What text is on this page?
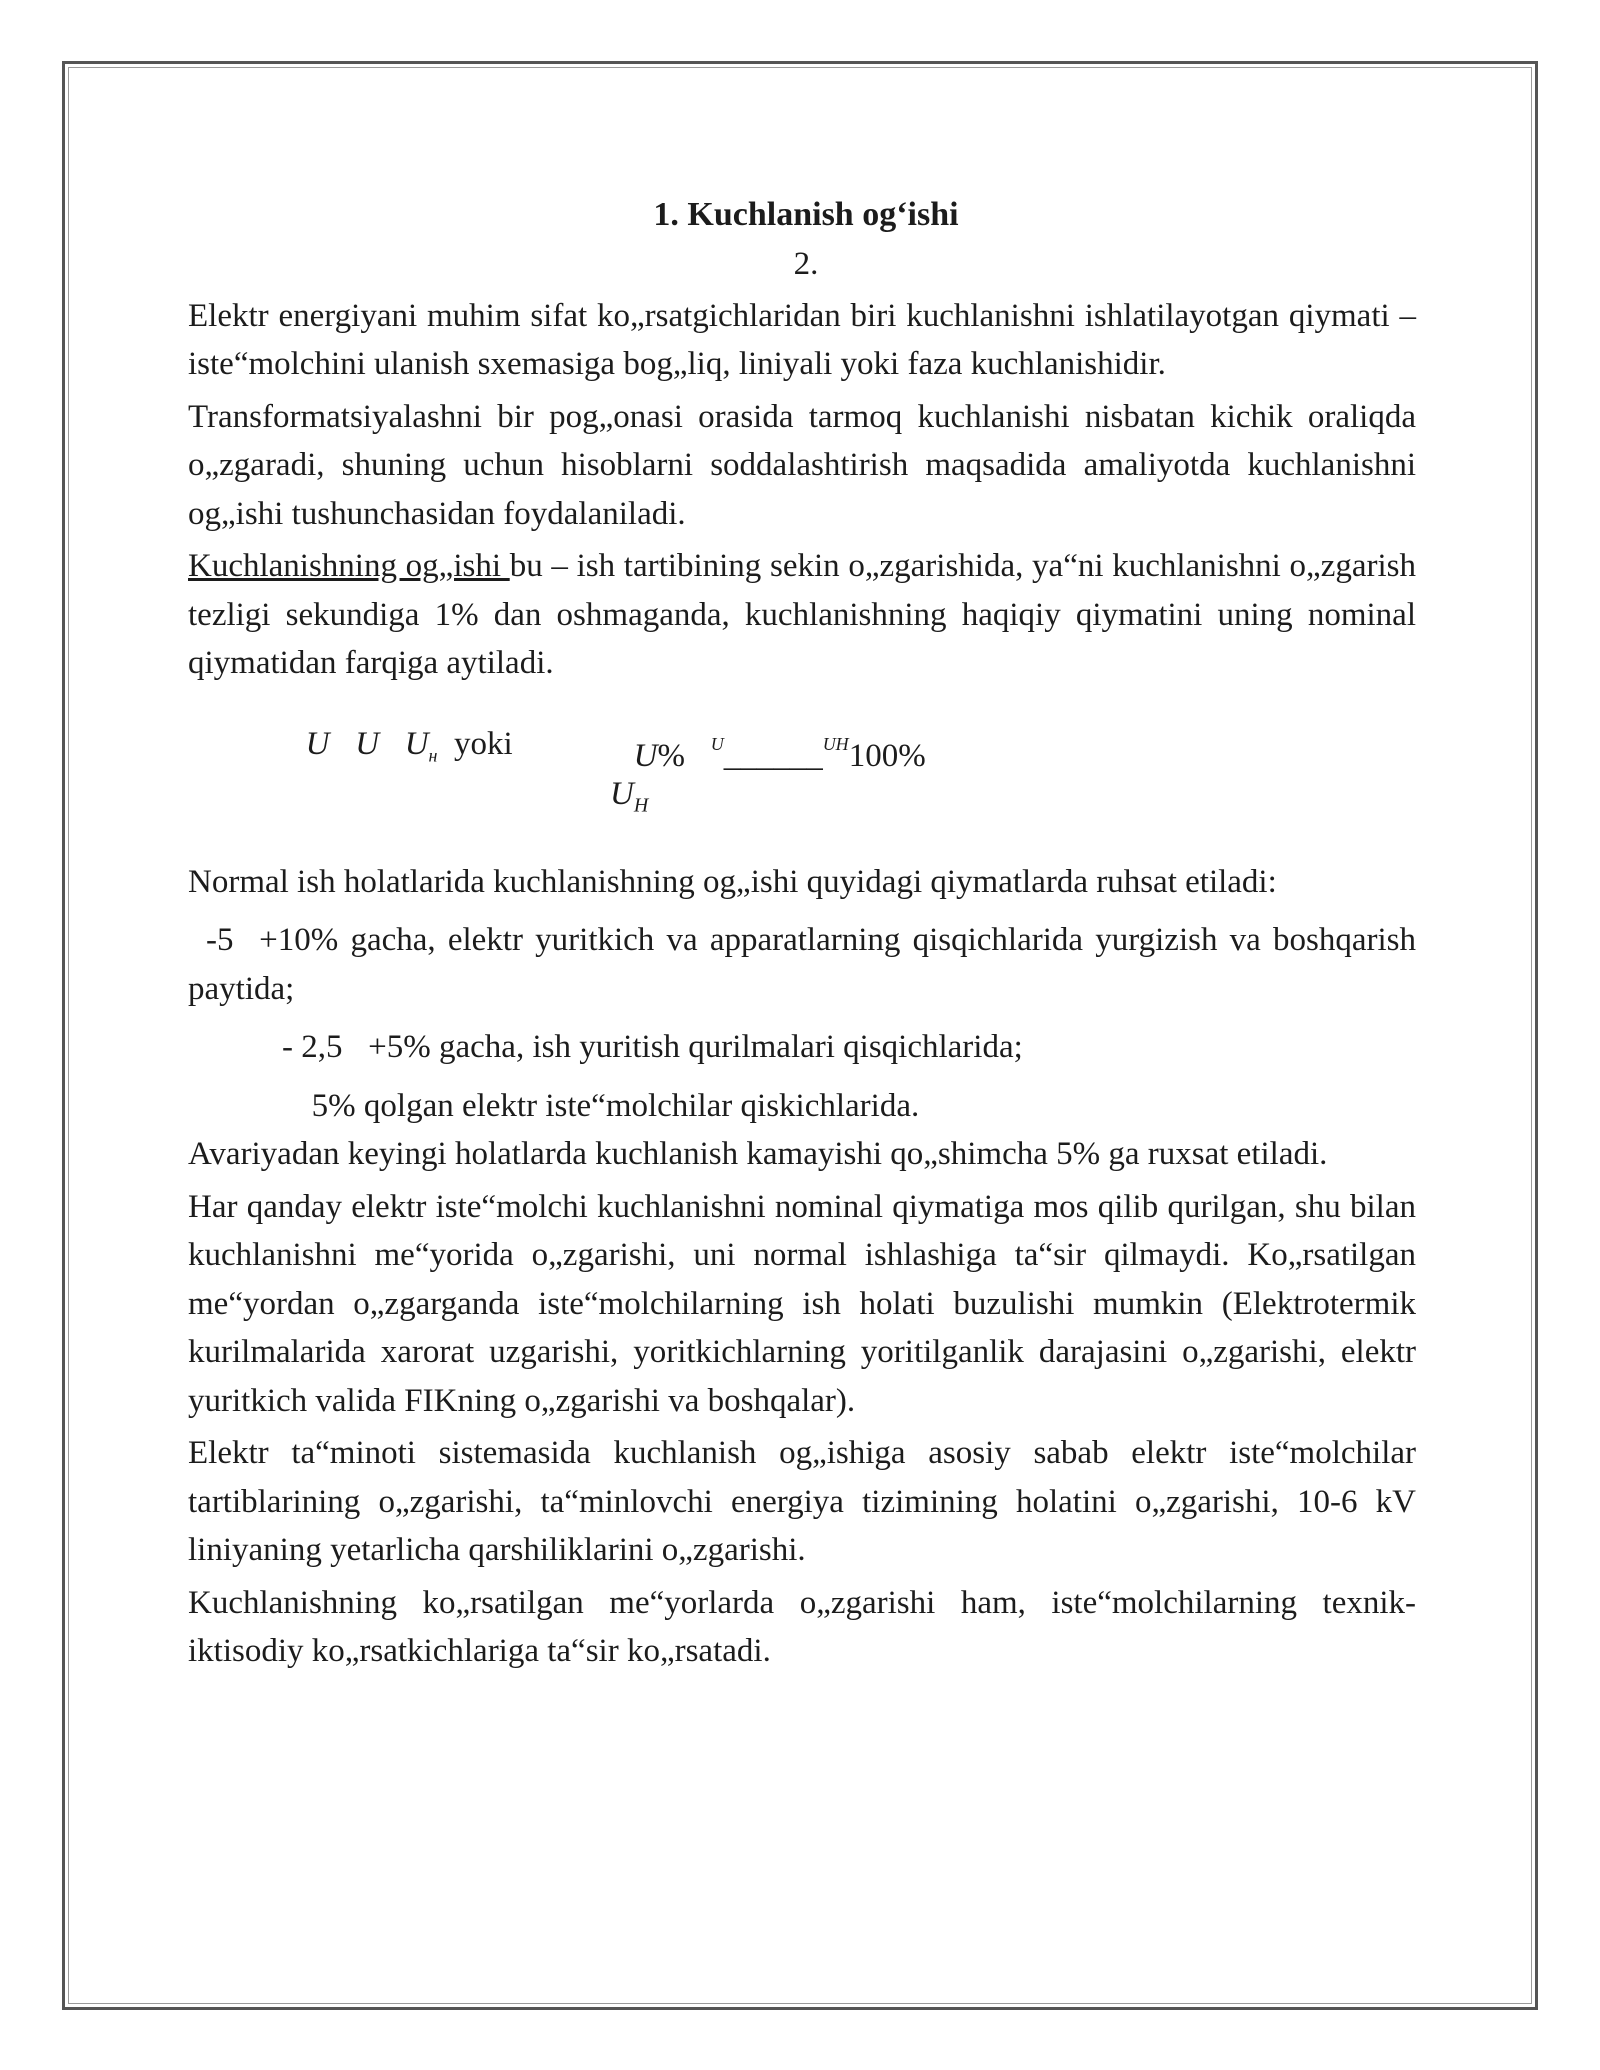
1. Kuchlanish og‘ishi

2.

Elektr energiyani muhim sifat ko„rsatgichlaridan biri kuchlanishni ishlatilayotgan qiymati – iste“molchini ulanish sxemasiga bog„liq, liniyali yoki faza kuchlanishidir.

Transformatsiyalashni bir pog„onasi orasida tarmoq kuchlanishi nisbatan kichik oraliqda o„zgaradi, shuning uchun hisoblarni soddalashtirish maqsadida amaliyotda kuchlanishni og„ishi tushunchasidan foydalaniladi.

Kuchlanishning og„ishi bu – ish tartibining sekin o„zgarishida, ya“ni kuchlanishni o„zgarish tezligi sekundiga 1% dan oshmaganda, kuchlanishning haqiqiy qiymatini uning nominal qiymatidan farqiga aytiladi.

U U $U_н$ yoki	U% $^U$______$^{UH}$100%
$U_H$

Normal ish holatlarida kuchlanishning og„ishi quyidagi qiymatlarda ruhsat etiladi:

-5 +10% gacha, elektr yuritkich va apparatlarning qisqichlarida yurgizish va boshqarish paytida;

- 2,5 +5% gacha, ish yuritish qurilmalari qisqichlarida;

5% qolgan elektr iste“molchilar qiskichlarida.

Avariyadan keyingi holatlarda kuchlanish kamayishi qo„shimcha 5% ga ruxsat etiladi.

Har qanday elektr iste“molchi kuchlanishni nominal qiymatiga mos qilib qurilgan, shu bilan kuchlanishni me“yorida o„zgarishi, uni normal ishlashiga ta“sir qilmaydi. Ko„rsatilgan me“yordan o„zgarganda iste“molchilarning ish holati buzulishi mumkin (Elektrotermik kurilmalarida xarorat uzgarishi, yoritkichlarning yoritilganlik darajasini o„zgarishi, elektr yuritkich valida FIKning o„zgarishi va boshqalar).

Elektr ta“minoti sistemasida kuchlanish og„ishiga asosiy sabab elektr iste“molchilar tartiblarining o„zgarishi, ta“minlovchi energiya tizimining holatini o„zgarishi, 10-6 kV liniyaning yetarlicha qarshiliklarini o„zgarishi.

Kuchlanishning ko„rsatilgan me“yorlarda o„zgarishi ham, iste“molchilarning texnik-iktisodiy ko„rsatkichlariga ta“sir ko„rsatadi.
